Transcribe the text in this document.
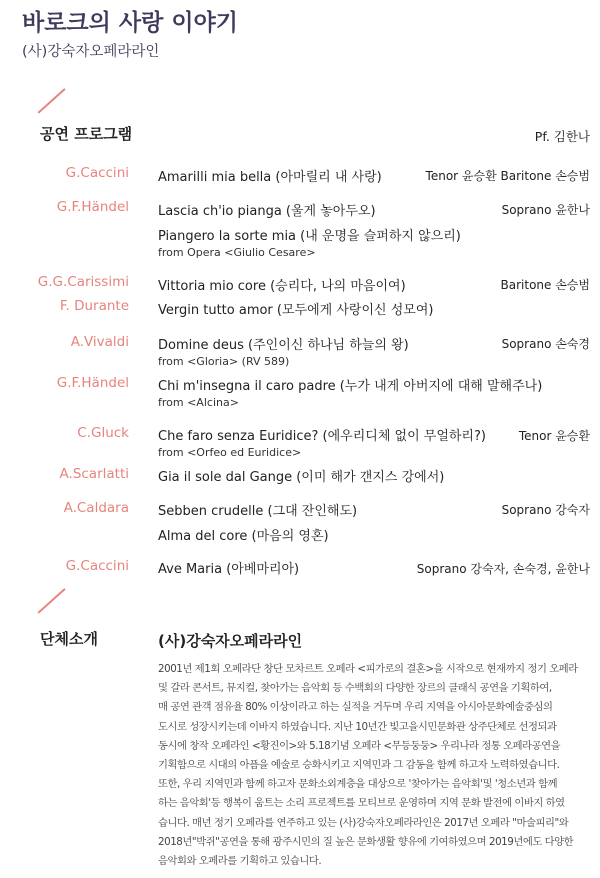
바로크의 사랑 이야기
(사)강숙자오페라라인
공연 프로그램	Pf. 김한나
G.Caccini Amarilli mia bella (아마릴리 내 사랑)	Tenor 윤승환 Baritone 손승범
G.F.Händel Lascia ch'io pianga (울게 놓아두오)	Soprano 윤한나
Piangero la sorte mia (내 운명을 슬퍼하지 않으리)
from Opera <Giulio Cesare>
G.G.Carissimi Vittoria mio core (승리다, 나의 마음이여)	Baritone 손승범
F. Durante Vergin tutto amor (모두에게 사랑이신 성모여)
A.Vivaldi Domine deus (주인이신 하나님 하늘의 왕)	Soprano 손숙경
from <Gloria> (RV 589)
G.F.Händel Chi m'insegna il caro padre (누가 내게 아버지에 대해 말해주나)
from <Alcina>
C.Gluck Che faro senza Euridice? (에우리디체 없이 무얼하리?)	Tenor 윤승환
from <Orfeo ed Euridice>
A.Scarlatti Gia il sole dal Gange (이미 해가 갠지스 강에서)
A.Caldara Sebben crudelle (그대 잔인해도)	Soprano 강숙자
Alma del core (마음의 영혼)
G.Caccini Ave Maria (아베마리아)	Soprano 강숙자, 손숙경, 윤한나
단체소개	(사)강숙자오페라라인
2001년 제1회 오페라단 창단 모차르트 오페라 <피가로의 결혼>을 시작으로 현재까지 정기 오페라
및 갈라 콘서트, 뮤지컬, 찾아가는 음악회 등 수백회의 다양한 장르의 클래식 공연을 기획하여,
매 공연 관객 점유율 80% 이상이라고 하는 실적을 거두며 우리 지역을 아시아문화예술중심의
도시로 성장시키는데 이바지 하였습니다. 지난 10년간 빛고을시민문화관 상주단체로 선정되과
동시에 창작 오페라인 <황진이>와 5.18기념 오페라 <무등둥둥> 우리나라 정통 오페라공연을
기획함으로 시대의 아픔을 예술로 승화시키고 지역민과 그 감동을 함께 하고자 노력하였습니다.
또한, 우리 지역민과 함께 하고자 문화소외계층을 대상으로 '찾아가는 음악회'및 '청소년과 함께
하는 음악회'등 행복이 움트는 소리 프로젝트를 모티브로 운영하며 지역 문화 발전에 이바지 하였
습니다. 매년 정기 오페라를 연주하고 있는 (사)강숙자오페라라인은 2017년 오페라 "마술피리"와
2018년"박쥐"공연을 통해 광주시민의 질 높은 문화생활 향유에 기여하였으며 2019년에도 다양한
음악회와 오페라를 기획하고 있습니다.
